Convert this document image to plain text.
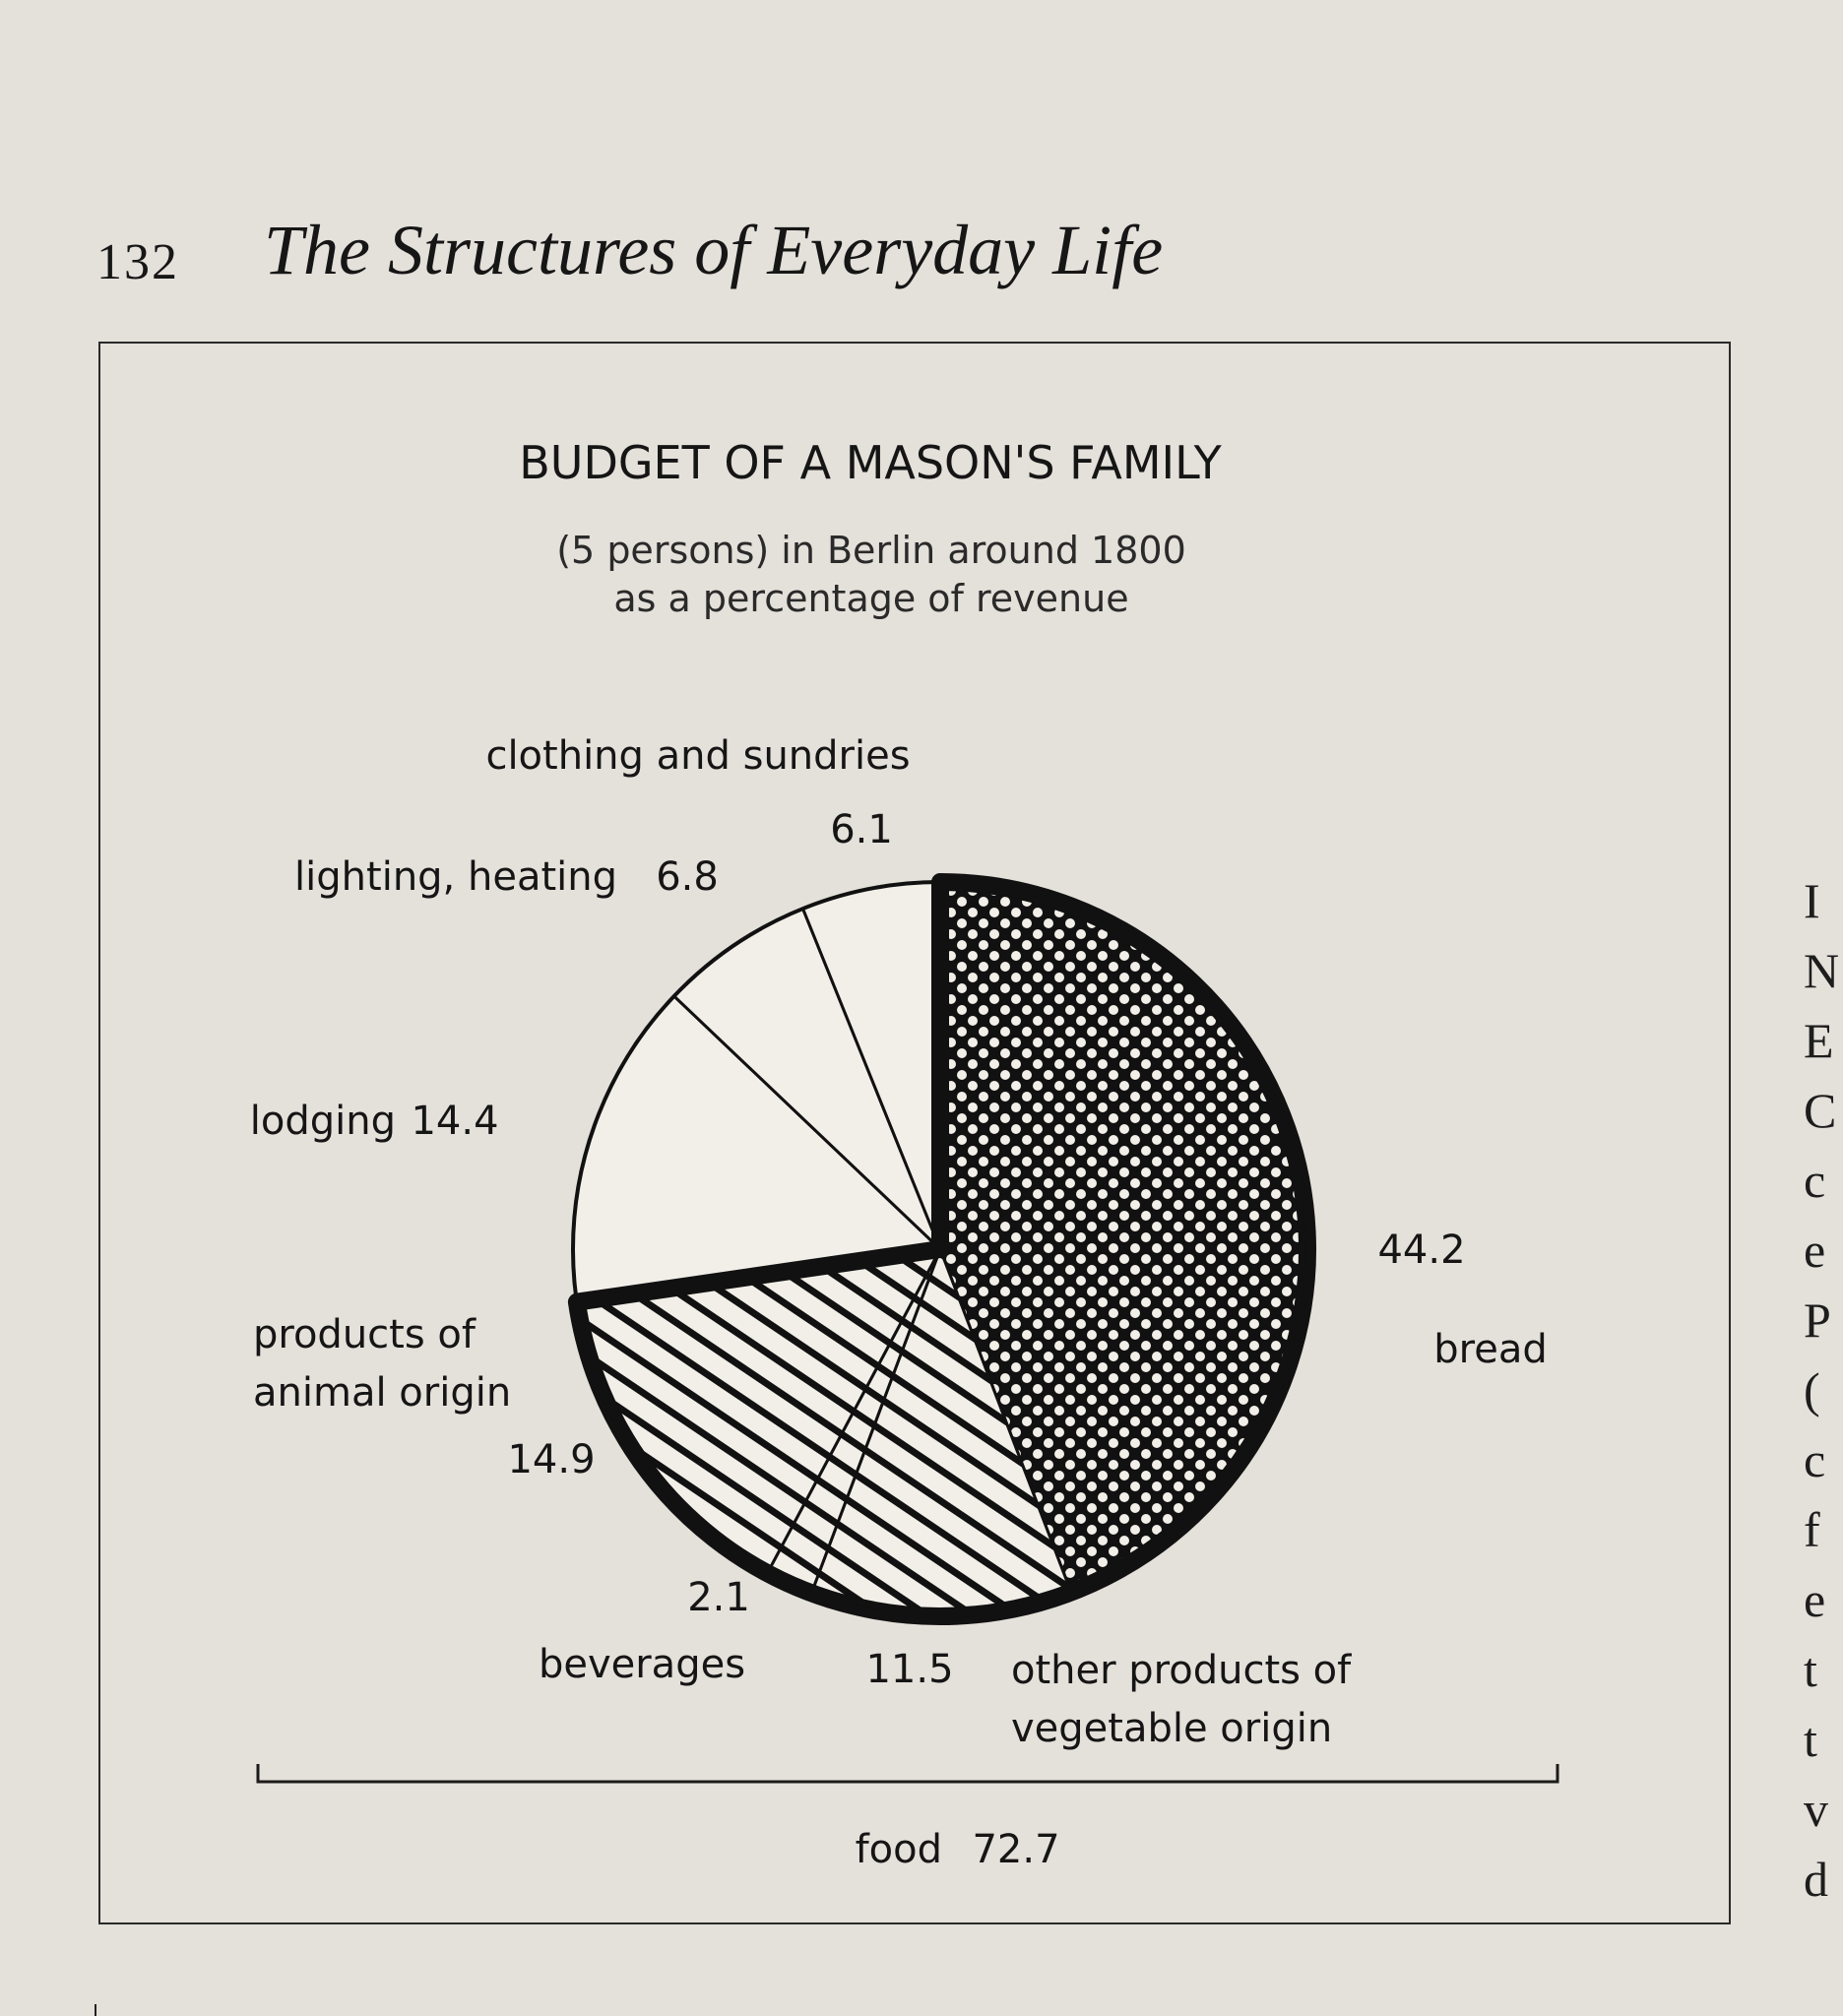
132 The Structures of Everyday Life
BUDGET OF A MASON'S FAMILY
(5 persons) in Berlin around 1800
as a percentage of revenue
bread
44.2
other products of
vegetable origin
11.5
beverages
2.1
products of
animal origin
14.9
lodging 14.4
lighting, heating 6.8
clothing and sundries
6.1
food 72.7
I
N
E
C
c
e
P
(
c
f
e
t
t
v
d
